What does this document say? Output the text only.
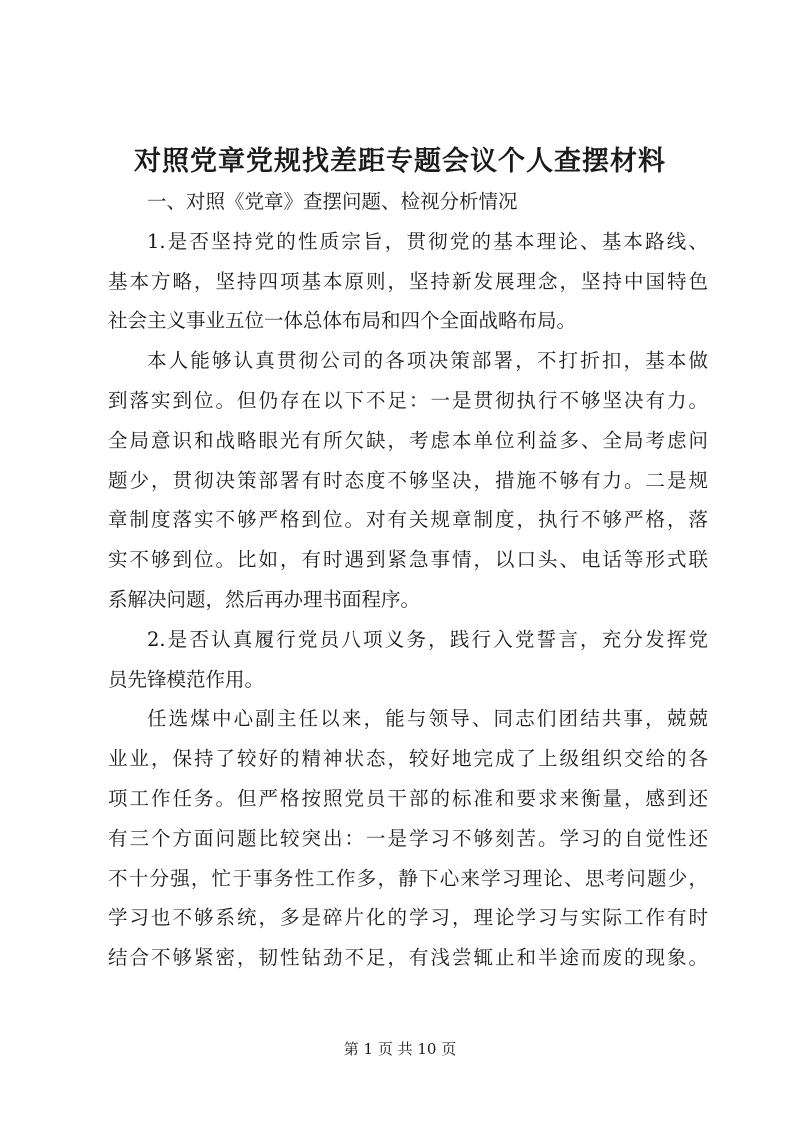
对照党章党规找差距专题会议个人查摆材料
一、对照《党章》查摆问题、检视分析情况
1.是否坚持党的性质宗旨，贯彻党的基本理论、基本路线、
基本方略，坚持四项基本原则，坚持新发展理念，坚持中国特色
社会主义事业五位一体总体布局和四个全面战略布局。
本人能够认真贯彻公司的各项决策部署，不打折扣，基本做
到落实到位。但仍存在以下不足：一是贯彻执行不够坚决有力。
全局意识和战略眼光有所欠缺，考虑本单位利益多、全局考虑问
题少，贯彻决策部署有时态度不够坚决，措施不够有力。二是规
章制度落实不够严格到位。对有关规章制度，执行不够严格，落
实不够到位。比如，有时遇到紧急事情，以口头、电话等形式联
系解决问题，然后再办理书面程序。
2.是否认真履行党员八项义务，践行入党誓言，充分发挥党
员先锋模范作用。
任选煤中心副主任以来，能与领导、同志们团结共事，兢兢
业业，保持了较好的精神状态，较好地完成了上级组织交给的各
项工作任务。但严格按照党员干部的标准和要求来衡量，感到还
有三个方面问题比较突出：一是学习不够刻苦。学习的自觉性还
不十分强，忙于事务性工作多，静下心来学习理论、思考问题少，
学习也不够系统，多是碎片化的学习，理论学习与实际工作有时
结合不够紧密，韧性钻劲不足，有浅尝辄止和半途而废的现象。
第 1 页 共 10 页
